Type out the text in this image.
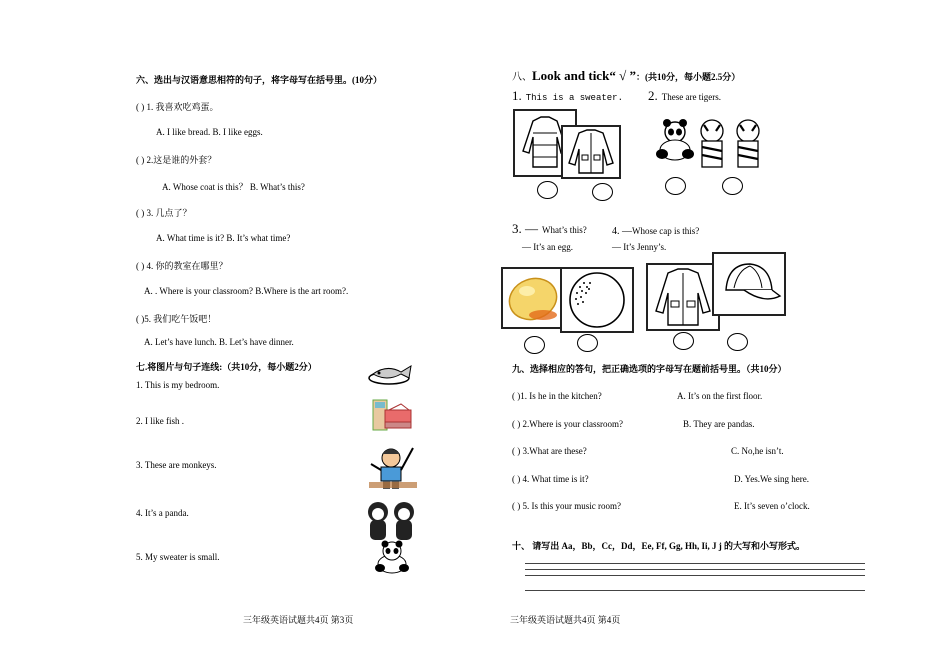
六、选出与汉语意思相符的句子，将字母写在括号里。(10分）
( ) 1. 我喜欢吃鸡蛋。
A. I like bread. B. I like eggs.
( ) 2.这是谁的外套？
A. Whose coat is this？ B. What’s this?
( ) 3. 几点了？
A. What time is it? B. It’s what time?
( ) 4. 你的教室在哪里？
A. . Where is your classroom? B.Where is the art room?.
( )5. 我们吃午饭吧！
A. Let’s have lunch. B. Let’s have dinner.
七.将图片与句子连线:（共10分，每小题2分）
1. This is my bedroom.
2. I like fish .
3. These are monkeys.
4. It’s a panda.
5. My sweater is small.
三年级英语试题共4页 第3页
八、Look and tick“ √ ”：(共10分，每小题2.5分）
1. This is a sweater. 2. These are tigers.
3. — What’s this?
— It’s an egg.
4. —Whose cap is this?
— It’s Jenny’s.
九、选择相应的答句，把正确选项的字母写在题前括号里。（共10分）
( )1. Is he in the kitchen?	A. It’s on the first floor.
( ) 2.Where is your classroom?	B. They are pandas.
( ) 3.What are these?	C. No,he isn’t.
( ) 4. What time is it?	D. Yes.We sing here.
( ) 5. Is this your music room?	E. It’s seven o’clock.
十、 请写出 Aa，Bb，Cc，Dd，Ee, Ff, Gg, Hh, Ii, J j 的大写和小写形式。
三年级英语试题共4页 第4页
